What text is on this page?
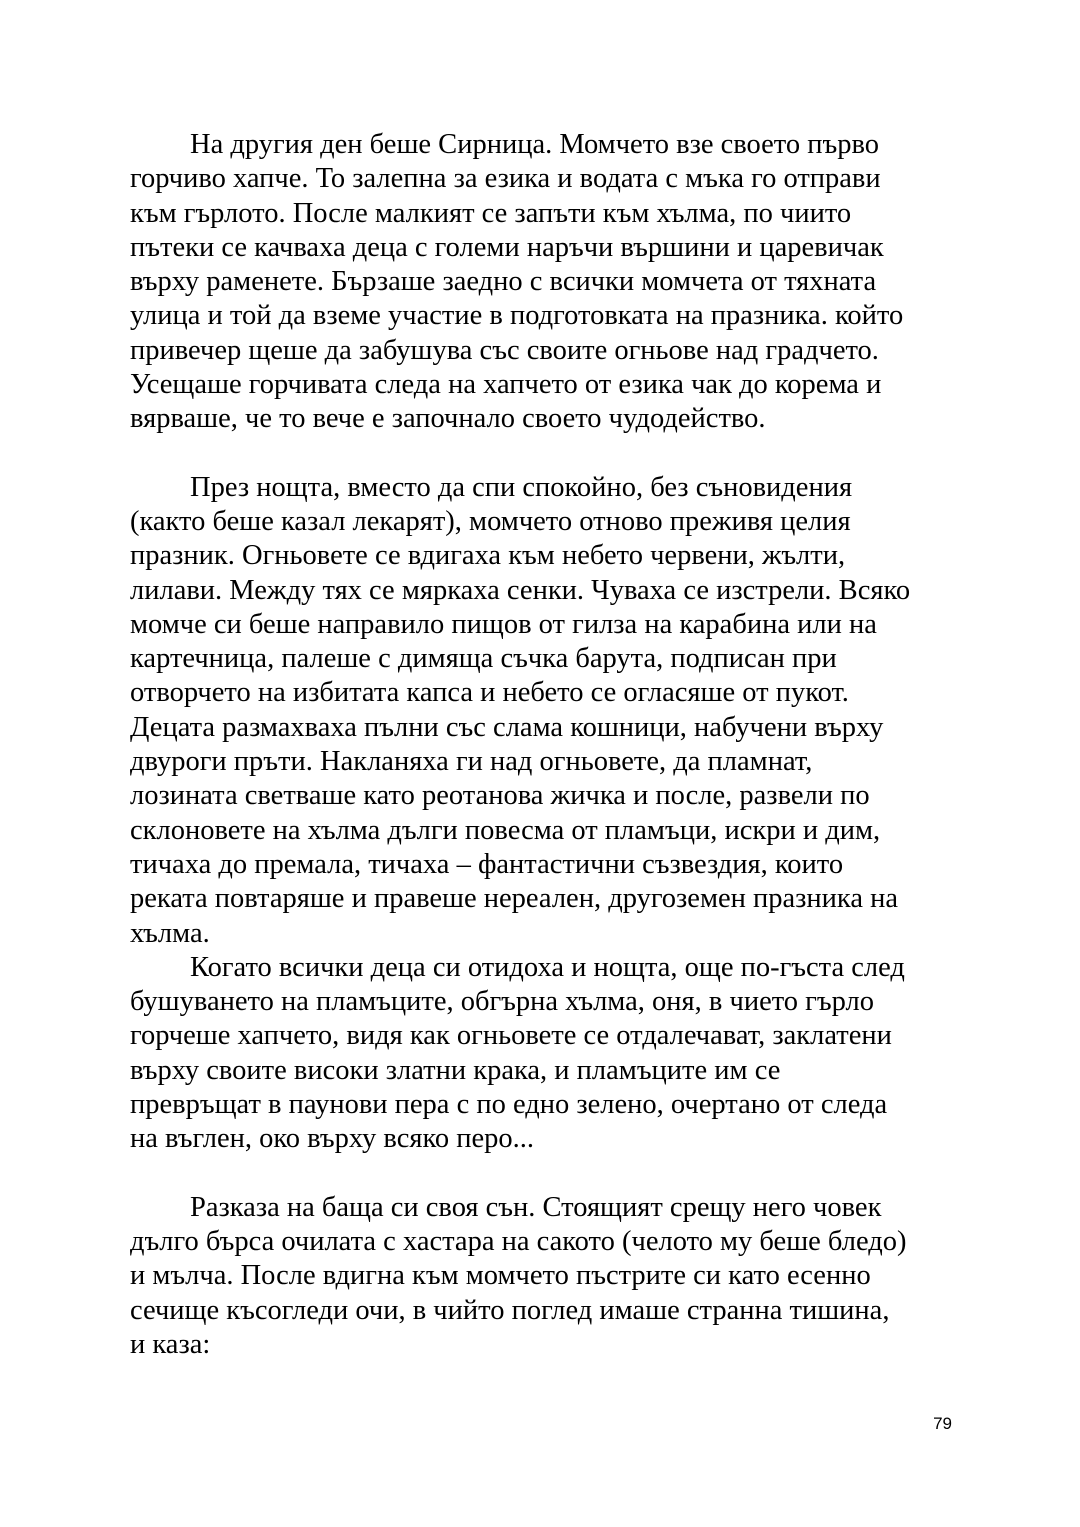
На другия ден беше Сирница. Момчето взе своето първо
горчиво хапче. То залепна за езика и водата с мъка го отправи
към гърлото. После малкият се запъти към хълма, по чиито
пътеки се качваха деца с големи наръчи вършини и царевичак
върху раменете. Бързаше заедно с всички момчета от тяхната
улица и той да вземе участие в подготовката на празника. който
привечер щеше да забушува със своите огньове над градчето.
Усещаше горчивата следа на хапчето от езика чак до корема и
вярваше, че то вече е започнало своето чудодейство.

През нощта, вместо да спи спокойно, без съновидения
(както беше казал лекарят), момчето отново преживя целия
празник. Огньовете се вдигаха към небето червени, жълти,
лилави. Между тях се мяркаха сенки. Чуваха се изстрели. Всяко
момче си беше направило пищов от гилза на карабина или на
картечница, палеше с димяща съчка барута, подписан при
отворчето на избитата капса и небето се огласяше от пукот.
Децата размахваха пълни със слама кошници, набучени върху
двуроги пръти. Накланяха ги над огньовете, да пламнат,
лозината светваше като реотанова жичка и после, развели по
склоновете на хълма дълги повесма от пламъци, искри и дим,
тичаха до премала, тичаха – фантастични съзвездия, които
реката повтаряше и правеше нереален, другоземен празника на
хълма.

Когато всички деца си отидоха и нощта, още по-гъста след
бушуването на пламъците, обгърна хълма, оня, в чието гърло
горчеше хапчето, видя как огньовете се отдалечават, заклатени
върху своите високи златни крака, и пламъците им се
превръщат в паунови пера с по едно зелено, очертано от следа
на въглен, око върху всяко перо...

Разказа на баща си своя сън. Стоящият срещу него човек
дълго бърса очилата с хастара на сакото (челото му беше бледо)
и мълча. После вдигна към момчето пъстрите си като есенно
сечище късогледи очи, в чийто поглед имаше странна тишина,
и каза:

79
